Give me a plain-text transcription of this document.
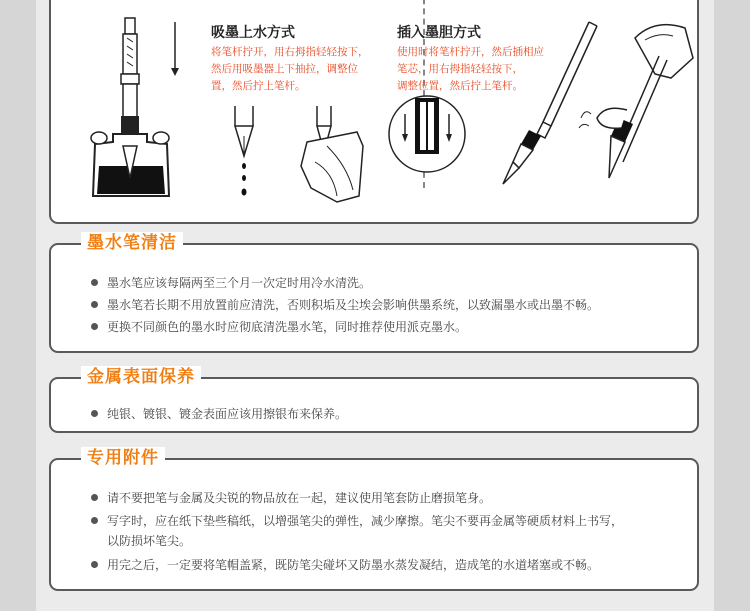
吸墨上水方式
将笔杆拧开，用右拇指轻轻按下，
然后用吸墨器上下抽拉，调整位
置，然后拧上笔杆。
插入墨胆方式
使用时将笔杆拧开，然后插相应
笔芯，用右拇指轻轻按下，
调整位置，然后拧上笔杆。
墨水笔清洁
墨水笔应该每隔两至三个月一次定时用冷水清洗。
墨水笔若长期不用放置前应清洗，否则积垢及尘埃会影响供墨系统，以致漏墨水或出墨不畅。
更换不同颜色的墨水时应彻底清洗墨水笔，同时推荐使用派克墨水。
金属表面保养
纯银、镀银、镀金表面应该用擦银布来保养。
专用附件
请不要把笔与金属及尖锐的物品放在一起，建议使用笔套防止磨损笔身。
写字时，应在纸下垫些稿纸，以增强笔尖的弹性，减少摩擦。笔尖不要再金属等硬质材料上书写，
以防损坏笔尖。
用完之后，一定要将笔帽盖紧，既防笔尖碰坏又防墨水蒸发凝结，造成笔的水道堵塞或不畅。
